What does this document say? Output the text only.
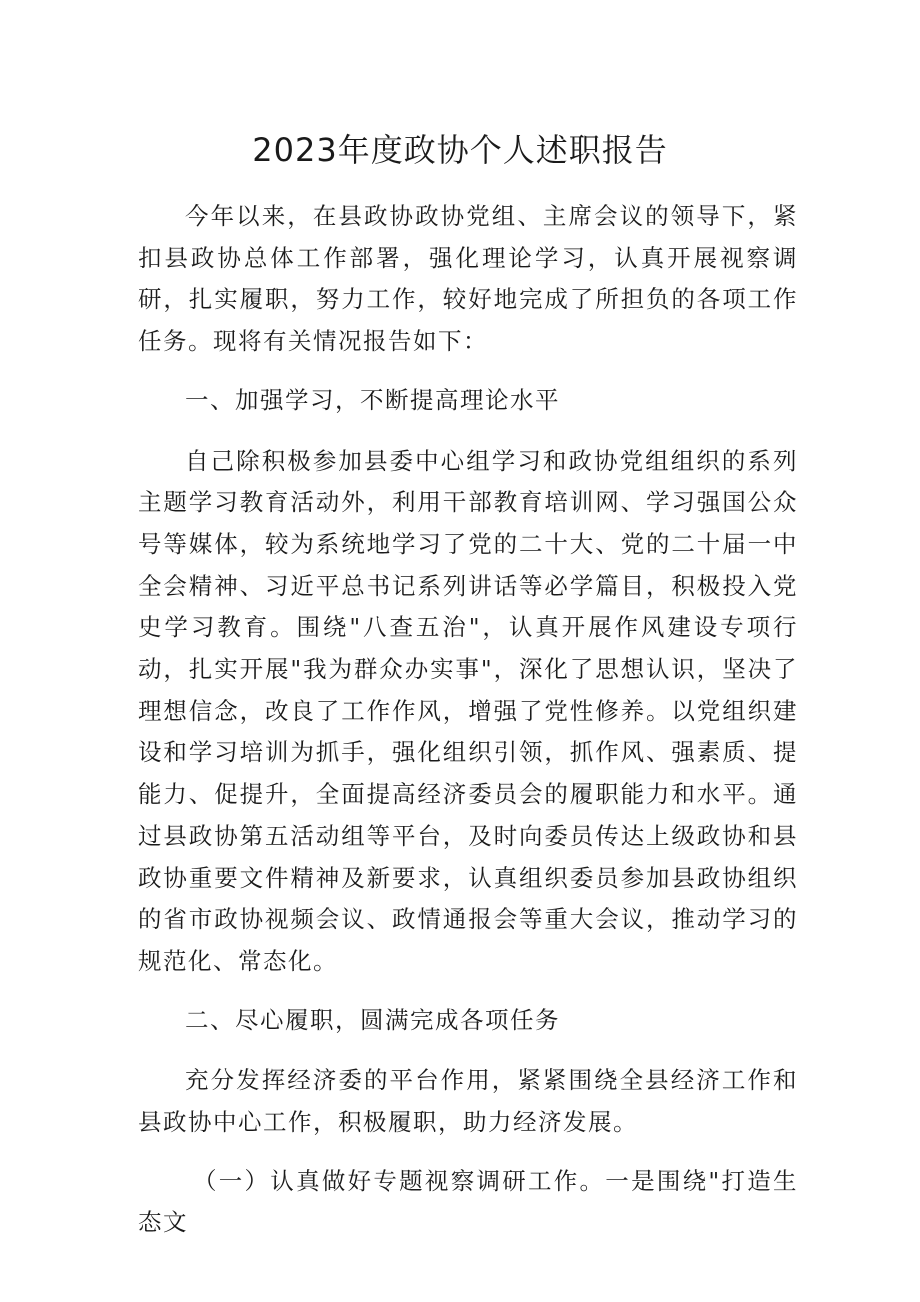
2023年度政协个人述职报告

今年以来，在县政协政协党组、主席会议的领导下，紧扣县政协总体工作部署，强化理论学习，认真开展视察调研，扎实履职，努力工作，较好地完成了所担负的各项工作任务。现将有关情况报告如下：

一、加强学习，不断提高理论水平

自己除积极参加县委中心组学习和政协党组组织的系列主题学习教育活动外，利用干部教育培训网、学习强国公众号等媒体，较为系统地学习了党的二十大、党的二十届一中全会精神、习近平总书记系列讲话等必学篇目，积极投入党史学习教育。围绕"八查五治"，认真开展作风建设专项行动，扎实开展"我为群众办实事"，深化了思想认识，坚决了理想信念，改良了工作作风，增强了党性修养。以党组织建设和学习培训为抓手，强化组织引领，抓作风、强素质、提能力、促提升，全面提高经济委员会的履职能力和水平。通过县政协第五活动组等平台，及时向委员传达上级政协和县政协重要文件精神及新要求，认真组织委员参加县政协组织的省市政协视频会议、政情通报会等重大会议，推动学习的规范化、常态化。

二、尽心履职，圆满完成各项任务

充分发挥经济委的平台作用，紧紧围绕全县经济工作和县政协中心工作，积极履职，助力经济发展。

（一）认真做好专题视察调研工作。一是围绕"打造生态文
